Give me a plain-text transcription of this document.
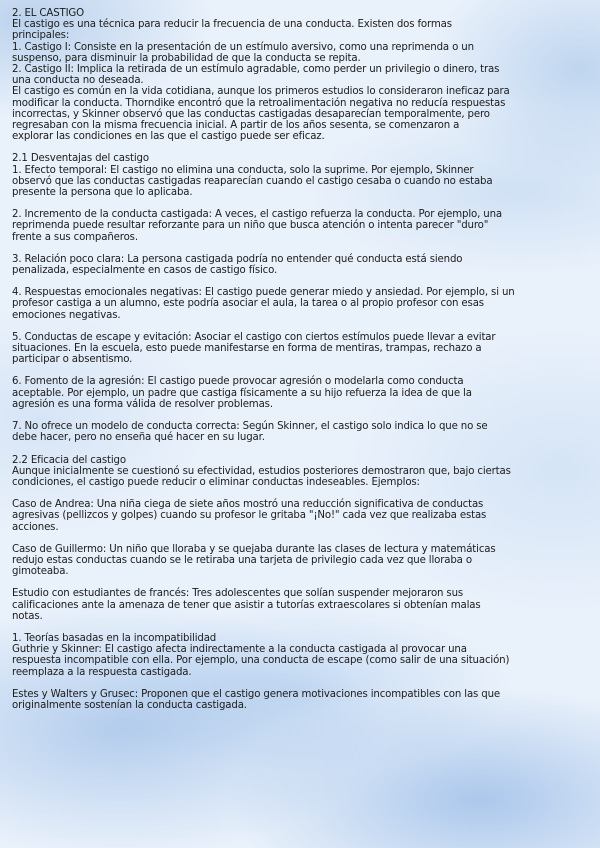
2. EL CASTIGO
El castigo es una técnica para reducir la frecuencia de una conducta. Existen dos formas
principales:
1. Castigo I: Consiste en la presentación de un estímulo aversivo, como una reprimenda o un
suspenso, para disminuir la probabilidad de que la conducta se repita.
2. Castigo II: Implica la retirada de un estímulo agradable, como perder un privilegio o dinero, tras
una conducta no deseada.
El castigo es común en la vida cotidiana, aunque los primeros estudios lo consideraron ineficaz para
modificar la conducta. Thorndike encontró que la retroalimentación negativa no reducía respuestas
incorrectas, y Skinner observó que las conductas castigadas desaparecían temporalmente, pero
regresaban con la misma frecuencia inicial. A partir de los años sesenta, se comenzaron a
explorar las condiciones en las que el castigo puede ser eficaz.
2.1 Desventajas del castigo
1. Efecto temporal: El castigo no elimina una conducta, solo la suprime. Por ejemplo, Skinner
observó que las conductas castigadas reaparecían cuando el castigo cesaba o cuando no estaba
presente la persona que lo aplicaba.
2. Incremento de la conducta castigada: A veces, el castigo refuerza la conducta. Por ejemplo, una
reprimenda puede resultar reforzante para un niño que busca atención o intenta parecer "duro"
frente a sus compañeros.
3. Relación poco clara: La persona castigada podría no entender qué conducta está siendo
penalizada, especialmente en casos de castigo físico.
4. Respuestas emocionales negativas: El castigo puede generar miedo y ansiedad. Por ejemplo, si un
profesor castiga a un alumno, este podría asociar el aula, la tarea o al propio profesor con esas
emociones negativas.
5. Conductas de escape y evitación: Asociar el castigo con ciertos estímulos puede llevar a evitar
situaciones. En la escuela, esto puede manifestarse en forma de mentiras, trampas, rechazo a
participar o absentismo.
6. Fomento de la agresión: El castigo puede provocar agresión o modelarla como conducta
aceptable. Por ejemplo, un padre que castiga físicamente a su hijo refuerza la idea de que la
agresión es una forma válida de resolver problemas.
7. No ofrece un modelo de conducta correcta: Según Skinner, el castigo solo indica lo que no se
debe hacer, pero no enseña qué hacer en su lugar.
2.2 Eficacia del castigo
Aunque inicialmente se cuestionó su efectividad, estudios posteriores demostraron que, bajo ciertas
condiciones, el castigo puede reducir o eliminar conductas indeseables. Ejemplos:
Caso de Andrea: Una niña ciega de siete años mostró una reducción significativa de conductas
agresivas (pellizcos y golpes) cuando su profesor le gritaba "¡No!" cada vez que realizaba estas
acciones.
Caso de Guillermo: Un niño que lloraba y se quejaba durante las clases de lectura y matemáticas
redujo estas conductas cuando se le retiraba una tarjeta de privilegio cada vez que lloraba o
gimoteaba.
Estudio con estudiantes de francés: Tres adolescentes que solían suspender mejoraron sus
calificaciones ante la amenaza de tener que asistir a tutorías extraescolares si obtenían malas
notas.
1. Teorías basadas en la incompatibilidad
Guthrie y Skinner: El castigo afecta indirectamente a la conducta castigada al provocar una
respuesta incompatible con ella. Por ejemplo, una conducta de escape (como salir de una situación)
reemplaza a la respuesta castigada.
Estes y Walters y Grusec: Proponen que el castigo genera motivaciones incompatibles con las que
originalmente sostenían la conducta castigada.
